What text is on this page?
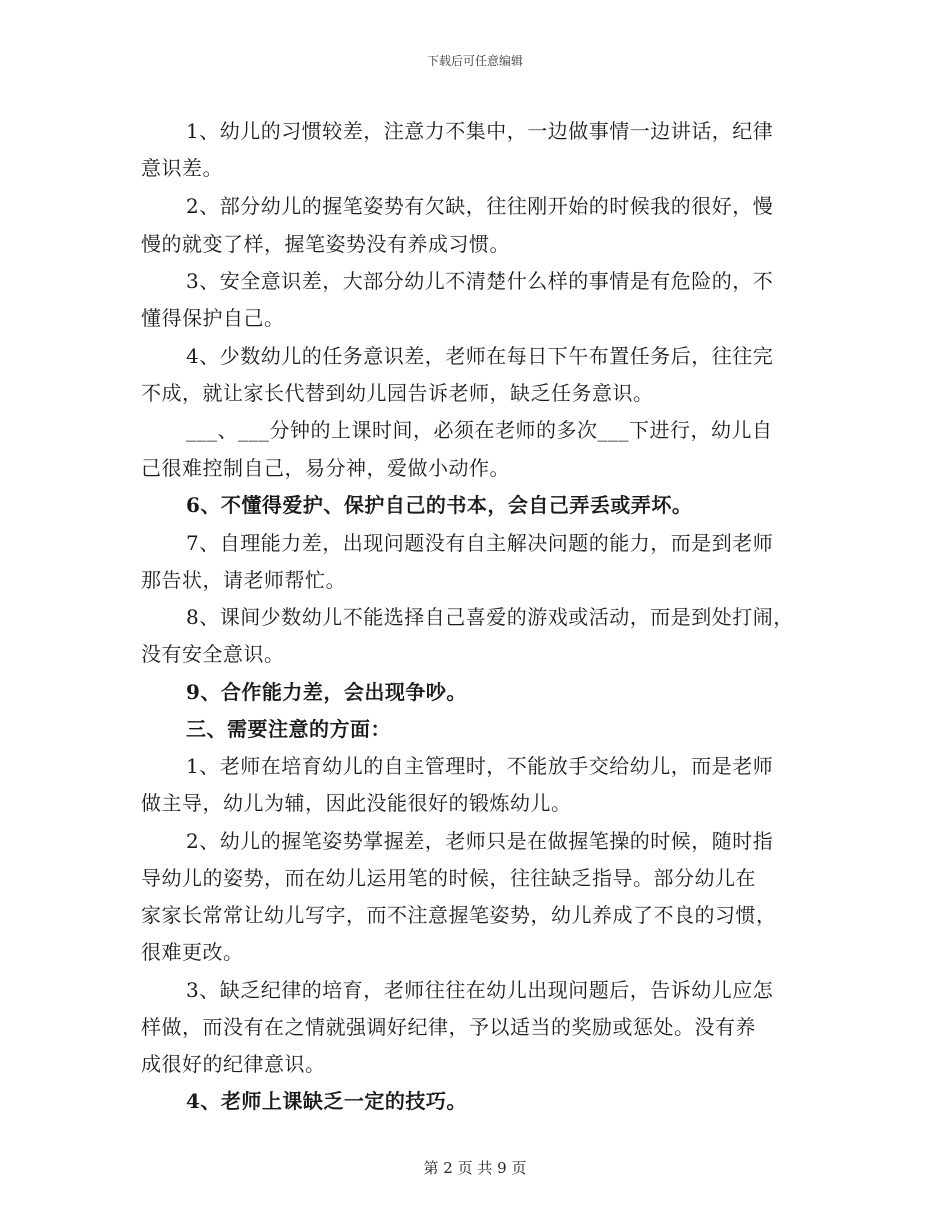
下载后可任意编辑
1、幼儿的习惯较差，注意力不集中，一边做事情一边讲话，纪律
意识差。
2、部分幼儿的握笔姿势有欠缺，往往刚开始的时候我的很好，慢
慢的就变了样，握笔姿势没有养成习惯。
3、安全意识差，大部分幼儿不清楚什么样的事情是有危险的，不
懂得保护自己。
4、少数幼儿的任务意识差，老师在每日下午布置任务后，往往完
不成，就让家长代替到幼儿园告诉老师，缺乏任务意识。
___、___分钟的上课时间，必须在老师的多次___下进行，幼儿自
己很难控制自己，易分神，爱做小动作。
6、不懂得爱护、保护自己的书本，会自己弄丢或弄坏。
7、自理能力差，出现问题没有自主解决问题的能力，而是到老师
那告状，请老师帮忙。
8、课间少数幼儿不能选择自己喜爱的游戏或活动，而是到处打闹，
没有安全意识。
9、合作能力差，会出现争吵。
三、需要注意的方面：
1、老师在培育幼儿的自主管理时，不能放手交给幼儿，而是老师
做主导，幼儿为辅，因此没能很好的锻炼幼儿。
2、幼儿的握笔姿势掌握差，老师只是在做握笔操的时候，随时指
导幼儿的姿势，而在幼儿运用笔的时候，往往缺乏指导。部分幼儿在
家家长常常让幼儿写字，而不注意握笔姿势，幼儿养成了不良的习惯，
很难更改。
3、缺乏纪律的培育，老师往往在幼儿出现问题后，告诉幼儿应怎
样做，而没有在之情就强调好纪律，予以适当的奖励或惩处。没有养
成很好的纪律意识。
4、老师上课缺乏一定的技巧。
第 2 页 共 9 页
